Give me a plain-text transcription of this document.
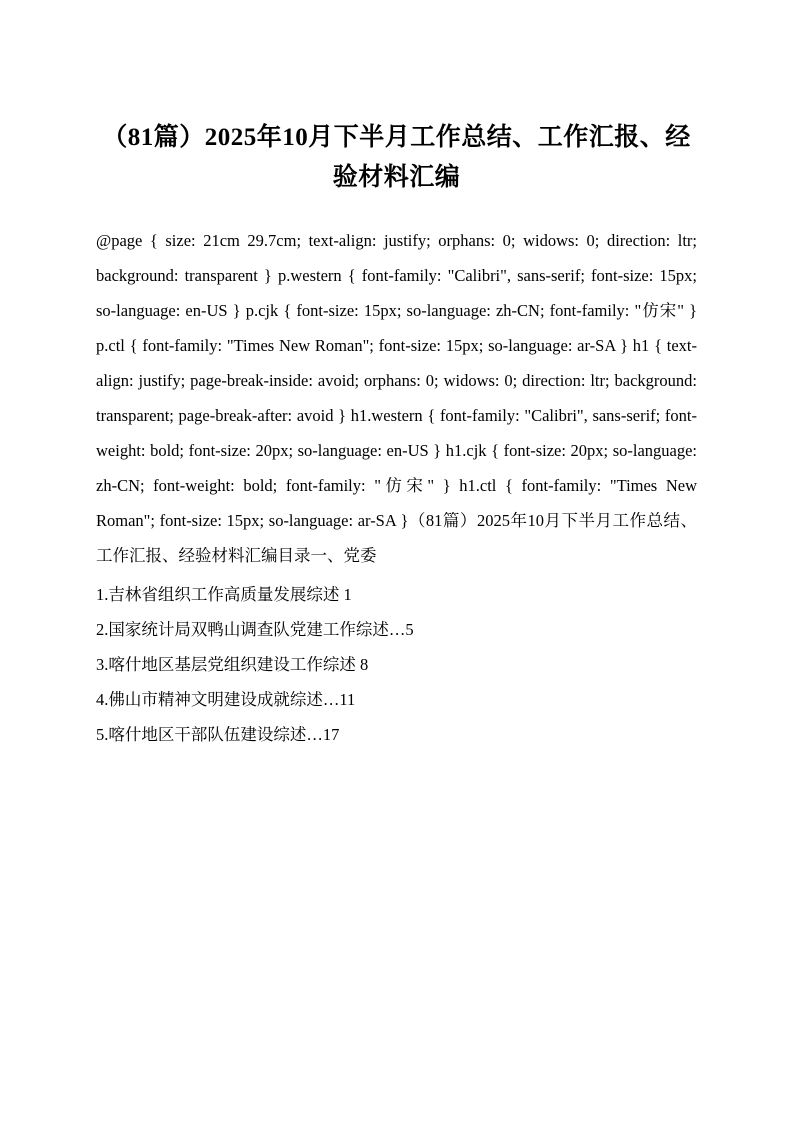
（81篇）2025年10月下半月工作总结、工作汇报、经验材料汇编

@page { size: 21cm 29.7cm; text-align: justify; orphans: 0; widows: 0; direction: ltr; background: transparent } p.western { font-family: "Calibri", sans-serif; font-size: 15px; so-language: en-US } p.cjk { font-size: 15px; so-language: zh-CN; font-family: "仿宋" } p.ctl { font-family: "Times New Roman"; font-size: 15px; so-language: ar-SA } h1 { text-align: justify; page-break-inside: avoid; orphans: 0; widows: 0; direction: ltr; background: transparent; page-break-after: avoid } h1.western { font-family: "Calibri", sans-serif; font-weight: bold; font-size: 20px; so-language: en-US } h1.cjk { font-size: 20px; so-language: zh-CN; font-weight: bold; font-family: "仿宋" } h1.ctl { font-family: "Times New Roman"; font-size: 15px; so-language: ar-SA }（81篇）2025年10月下半月工作总结、工作汇报、经验材料汇编目录一、党委

1.吉林省组织工作高质量发展综述 1

2.国家统计局双鸭山调查队党建工作综述…5

3.喀什地区基层党组织建设工作综述 8

4.佛山市精神文明建设成就综述…11

5.喀什地区干部队伍建设综述…17
